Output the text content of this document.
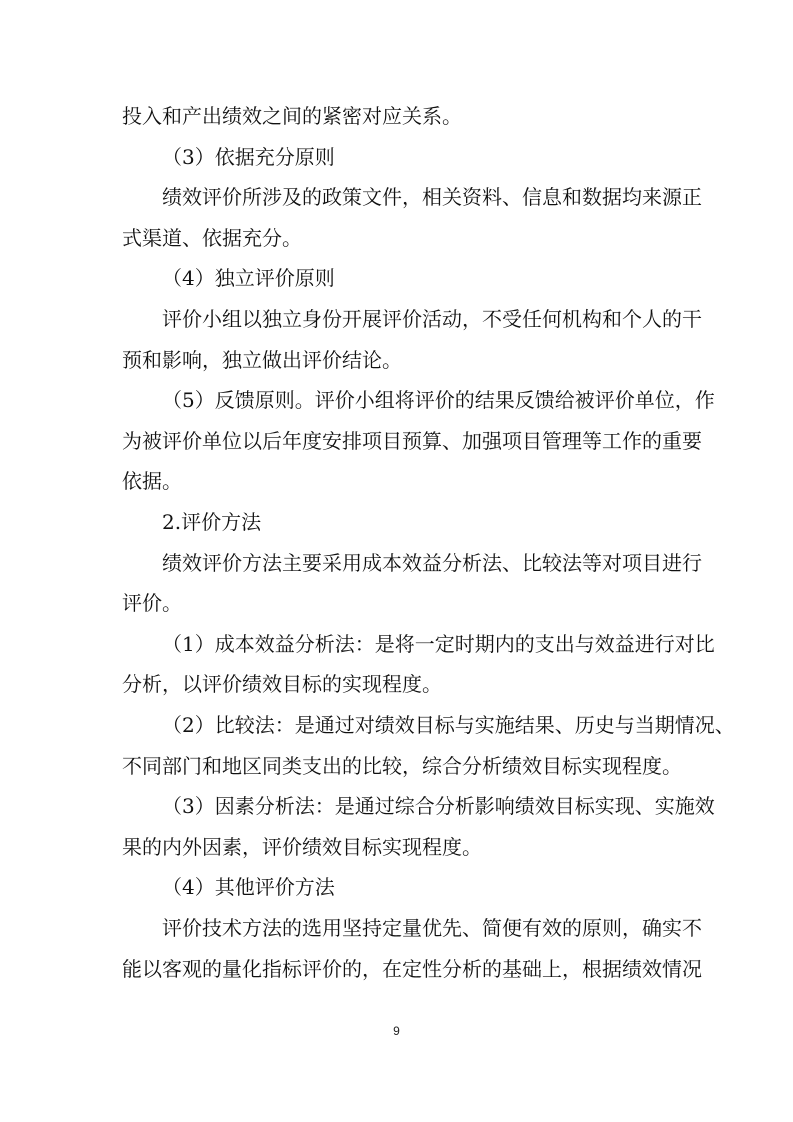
投入和产出绩效之间的紧密对应关系。
（3）依据充分原则
绩效评价所涉及的政策文件，相关资料、信息和数据均来源正
式渠道、依据充分。
（4）独立评价原则
评价小组以独立身份开展评价活动，不受任何机构和个人的干
预和影响，独立做出评价结论。
（5）反馈原则。评价小组将评价的结果反馈给被评价单位，作
为被评价单位以后年度安排项目预算、加强项目管理等工作的重要
依据。
2.评价方法
绩效评价方法主要采用成本效益分析法、比较法等对项目进行
评价。
（1）成本效益分析法：是将一定时期内的支出与效益进行对比
分析，以评价绩效目标的实现程度。
（2）比较法：是通过对绩效目标与实施结果、历史与当期情况、
不同部门和地区同类支出的比较，综合分析绩效目标实现程度。
（3）因素分析法：是通过综合分析影响绩效目标实现、实施效
果的内外因素，评价绩效目标实现程度。
（4）其他评价方法
评价技术方法的选用坚持定量优先、简便有效的原则，确实不
能以客观的量化指标评价的，在定性分析的基础上，根据绩效情况
9
